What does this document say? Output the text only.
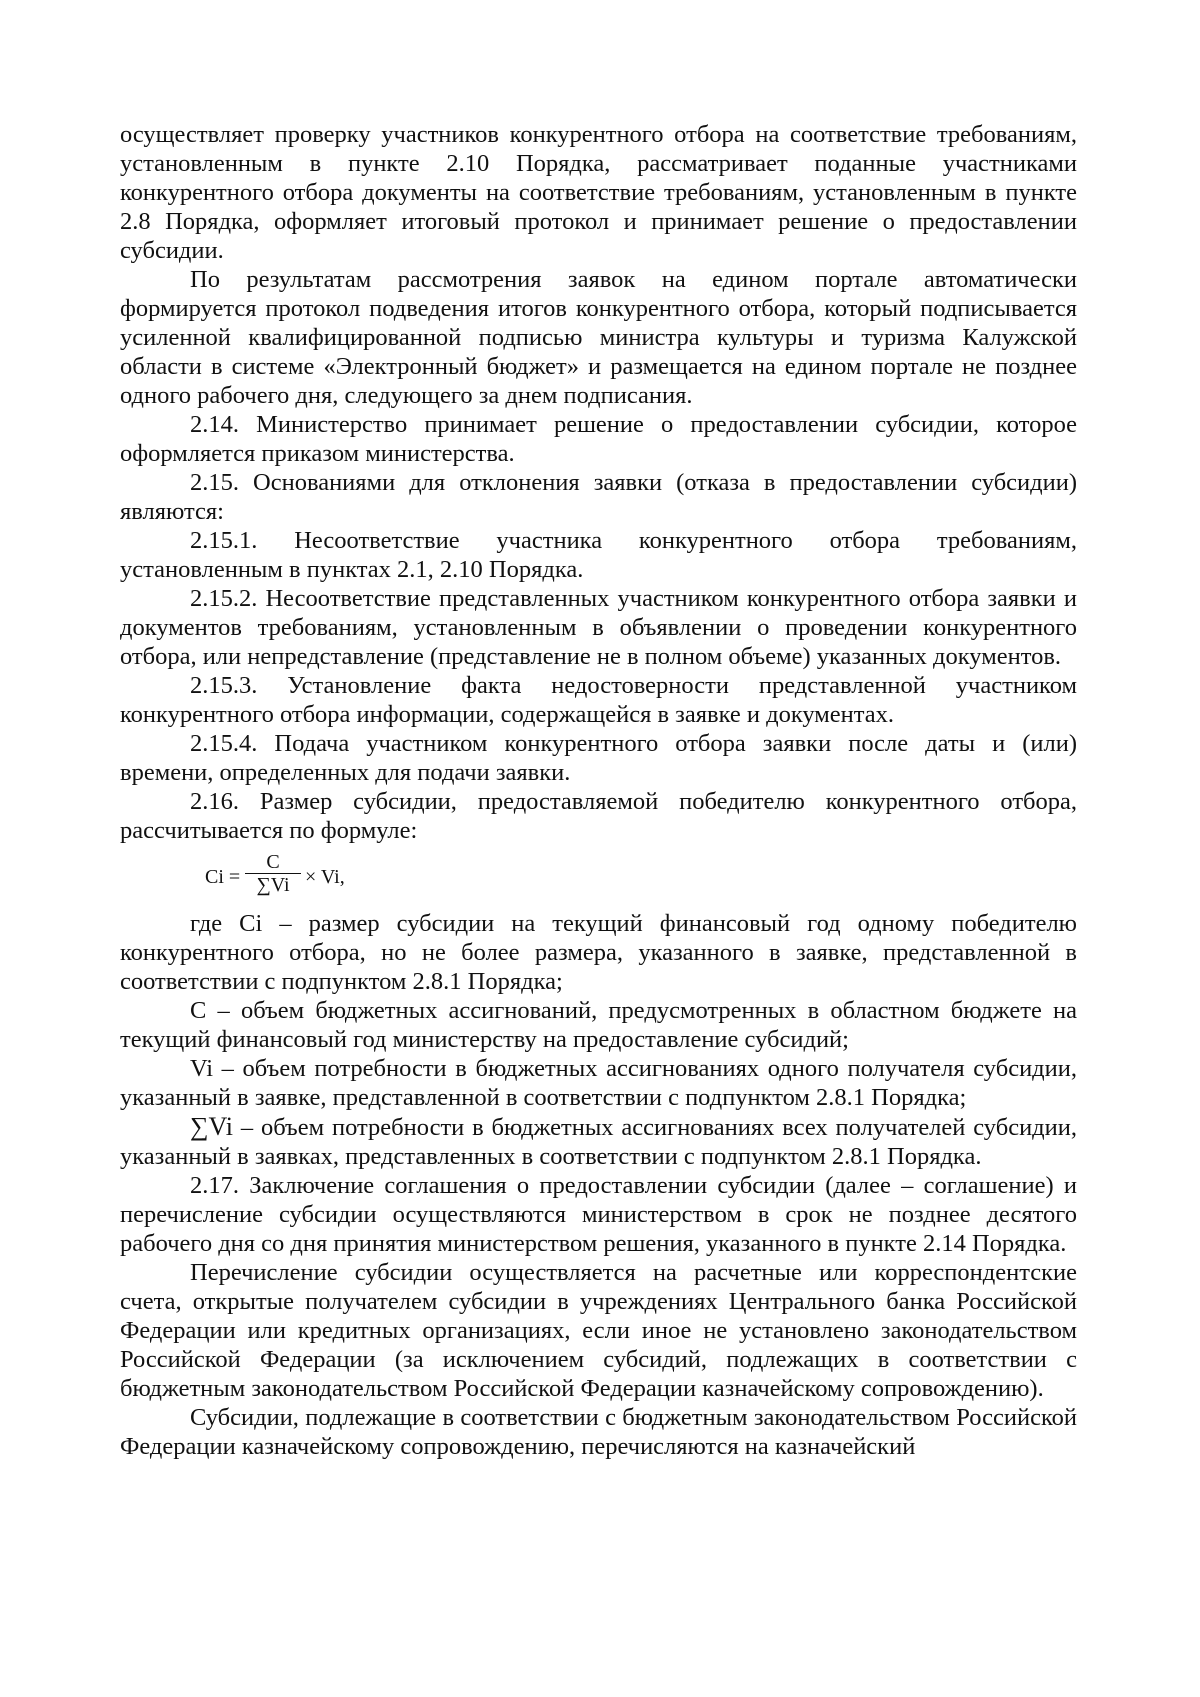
осуществляет проверку участников конкурентного отбора на соответствие требованиям, установленным в пункте 2.10 Порядка, рассматривает поданные участниками конкурентного отбора документы на соответствие требованиям, установленным в пункте 2.8 Порядка, оформляет итоговый протокол и принимает решение о предоставлении субсидии.

По результатам рассмотрения заявок на едином портале автоматически формируется протокол подведения итогов конкурентного отбора, который подписывается усиленной квалифицированной подписью министра культуры и туризма Калужской области в системе «Электронный бюджет» и размещается на едином портале не позднее одного рабочего дня, следующего за днем подписания.

2.14. Министерство принимает решение о предоставлении субсидии, которое оформляется приказом министерства.

2.15. Основаниями для отклонения заявки (отказа в предоставлении субсидии) являются:

2.15.1. Несоответствие участника конкурентного отбора требованиям, установленным в пунктах 2.1, 2.10 Порядка.

2.15.2. Несоответствие представленных участником конкурентного отбора заявки и документов требованиям, установленным в объявлении о проведении конкурентного отбора, или непредставление (представление не в полном объеме) указанных документов.

2.15.3. Установление факта недостоверности представленной участником конкурентного отбора информации, содержащейся в заявке и документах.

2.15.4. Подача участником конкурентного отбора заявки после даты и (или) времени, определенных для подачи заявки.

2.16. Размер субсидии, предоставляемой победителю конкурентного отбора, рассчитывается по формуле:

Ci =
C
∑Vi × Vi,

где Ci – размер субсидии на текущий финансовый год одному победителю конкурентного отбора, но не более размера, указанного в заявке, представленной в соответствии с подпунктом 2.8.1 Порядка;

C – объем бюджетных ассигнований, предусмотренных в областном бюджете на текущий финансовый год министерству на предоставление субсидий;

Vi – объем потребности в бюджетных ассигнованиях одного получателя субсидии, указанный в заявке, представленной в соответствии с подпунктом 2.8.1 Порядка;

∑Vi – объем потребности в бюджетных ассигнованиях всех получателей субсидии, указанный в заявках, представленных в соответствии с подпунктом 2.8.1 Порядка.

2.17. Заключение соглашения о предоставлении субсидии (далее – соглашение) и перечисление субсидии осуществляются министерством в срок не позднее десятого рабочего дня со дня принятия министерством решения, указанного в пункте 2.14 Порядка.

Перечисление субсидии осуществляется на расчетные или корреспондентские счета, открытые получателем субсидии в учреждениях Центрального банка Российской Федерации или кредитных организациях, если иное не установлено законодательством Российской Федерации (за исключением субсидий, подлежащих в соответствии с бюджетным законодательством Российской Федерации казначейскому сопровождению).

Субсидии, подлежащие в соответствии с бюджетным законодательством Российской Федерации казначейскому сопровождению, перечисляются на казначейский
